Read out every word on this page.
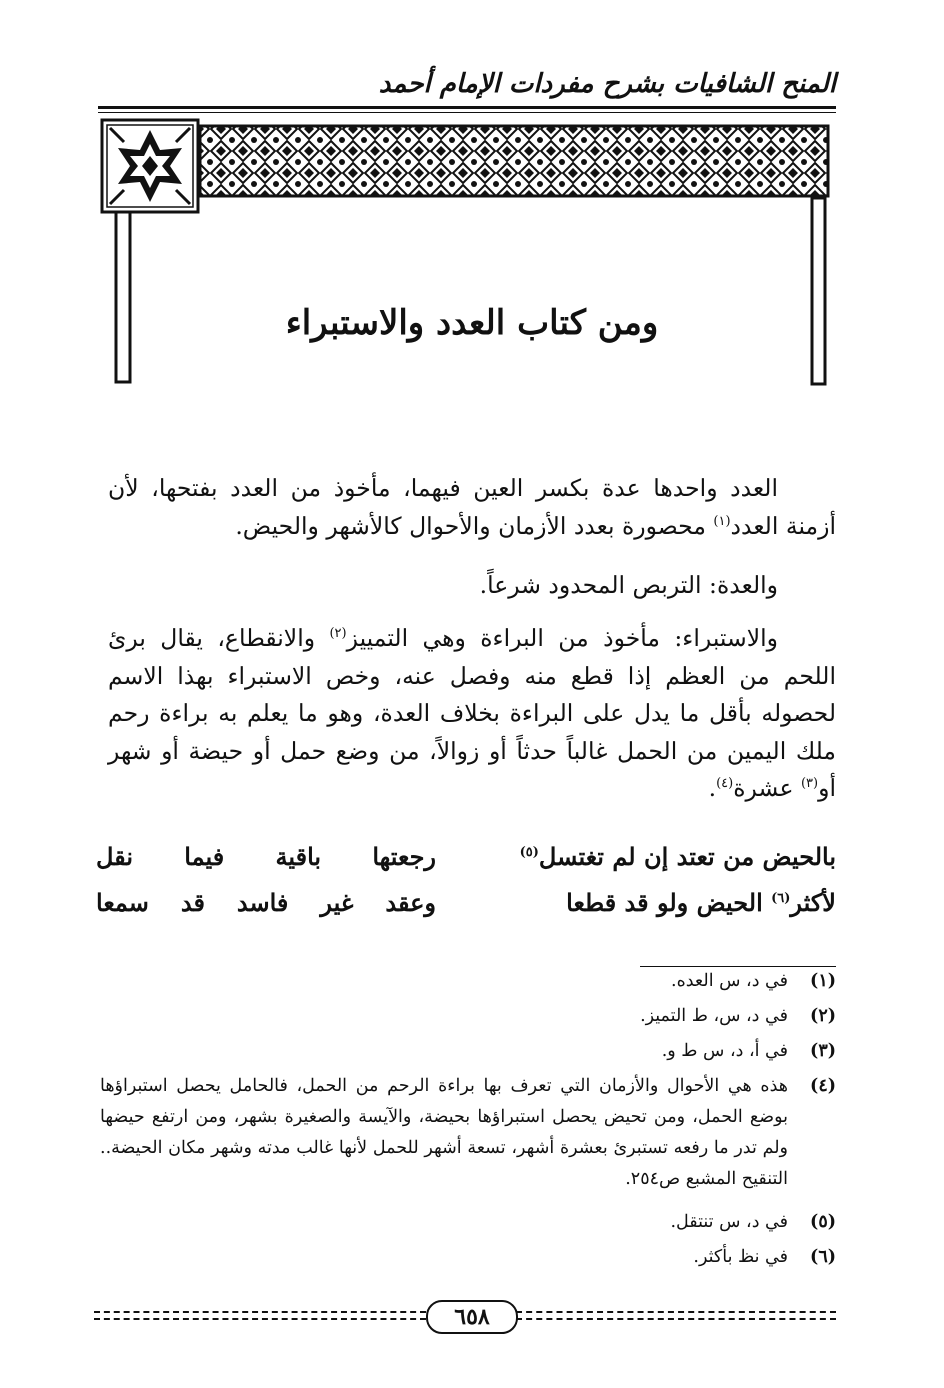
المنح الشافيات بشرح مفردات الإمام أحمد
ومن كتاب العدد والاستبراء
العدد واحدها عدة بكسر العين فيهما، مأخوذ من العدد بفتحها، لأن أزمنة العدد$^{(١)}$ محصورة بعدد الأزمان والأحوال كالأشهر والحيض.
والعدة: التربص المحدود شرعاً.
والاستبراء: مأخوذ من البراءة وهي التمييز$^{(٢)}$ والانقطاع، يقال برئ اللحم من العظم إذا قطع منه وفصل عنه، وخص الاستبراء بهذا الاسم لحصوله بأقل ما يدل على البراءة بخلاف العدة، وهو ما يعلم به براءة رحم ملك اليمين من الحمل غالباً حدثاً أو زوالاً، من وضع حمل أو حيضة أو شهر أو$^{(٣)}$ عشرة$^{(٤)}$.
بالحيض من تعتد إن لم تغتسل$^{(٥)}$
رجعتها باقية فيما نقل
لأكثر$^{(٦)}$ الحيض ولو قد قطعا
وعقد غير فاسد قد سمعا
(١)
في د، س العده.
(٢)
في د، س، ط التميز.
(٣)
في أ، د، س ط و.
(٤)
هذه هي الأحوال والأزمان التي تعرف بها براءة الرحم من الحمل، فالحامل يحصل استبراؤها بوضع الحمل، ومن تحيض يحصل استبراؤها بحيضة، والآيسة والصغيرة بشهر، ومن ارتفع حيضها ولم تدر ما رفعه تستبرئ بعشرة أشهر، تسعة أشهر للحمل لأنها غالب مدته وشهر مكان الحيضة.. التنقيح المشبع ص٢٥٤.
(٥)
في د، س تنتقل.
(٦)
في نظ بأكثر.
٦٥٨
